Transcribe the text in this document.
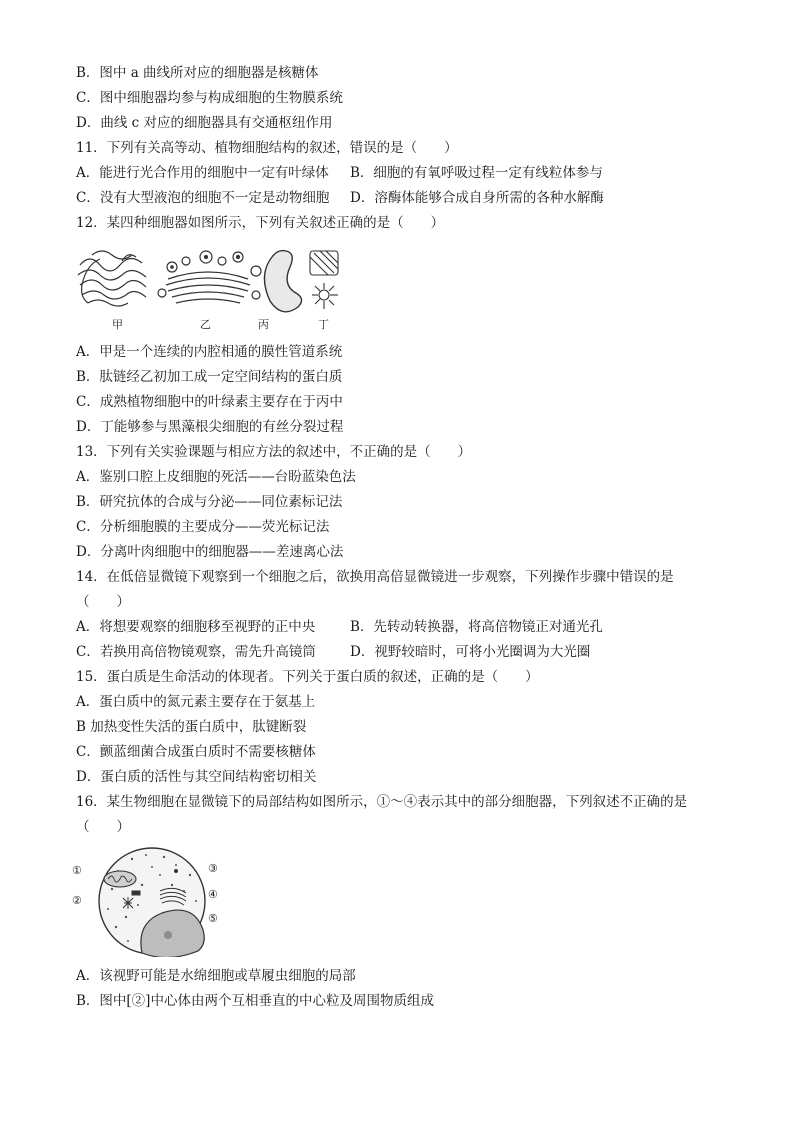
B．图中 a 曲线所对应的细胞器是核糖体
C．图中细胞器均参与构成细胞的生物膜系统
D．曲线 c 对应的细胞器具有交通枢纽作用
11．下列有关高等动、植物细胞结构的叙述，错误的是（　　）
A．能进行光合作用的细胞中一定有叶绿体 B．细胞的有氧呼吸过程一定有线粒体参与
C．没有大型液泡的细胞不一定是动物细胞 D．溶酶体能够合成自身所需的各种水解酶
12．某四种细胞器如图所示，下列有关叙述正确的是（　　）
甲	乙	丙	丁
A．甲是一个连续的内腔相通的膜性管道系统
B．肽链经乙初加工成一定空间结构的蛋白质
C．成熟植物细胞中的叶绿素主要存在于丙中
D．丁能够参与黑藻根尖细胞的有丝分裂过程
13．下列有关实验课题与相应方法的叙述中，不正确的是（　　）
A．鉴别口腔上皮细胞的死活——台盼蓝染色法
B．研究抗体的合成与分泌——同位素标记法
C．分析细胞膜的主要成分——荧光标记法
D．分离叶肉细胞中的细胞器——差速离心法
14．在低倍显微镜下观察到一个细胞之后，欲换用高倍显微镜进一步观察，下列操作步骤中错误的是
（　　）
A．将想要观察的细胞移至视野的正中央	B．先转动转换器，将高倍物镜正对通光孔
C．若换用高倍物镜观察，需先升高镜筒	D．视野较暗时，可将小光圈调为大光圈
15．蛋白质是生命活动的体现者。下列关于蛋白质的叙述，正确的是（　　）
A．蛋白质中的氮元素主要存在于氨基上
B 加热变性失活的蛋白质中，肽键断裂
C．颤蓝细菌合成蛋白质时不需要核糖体
D．蛋白质的活性与其空间结构密切相关
16．某生物细胞在显微镜下的局部结构如图所示，①～④表示其中的部分细胞器，下列叙述不正确的是
（　　）
①
②
③
④
⑤
A．该视野可能是水绵细胞或草履虫细胞的局部
B．图中[②]中心体由两个互相垂直的中心粒及周围物质组成
